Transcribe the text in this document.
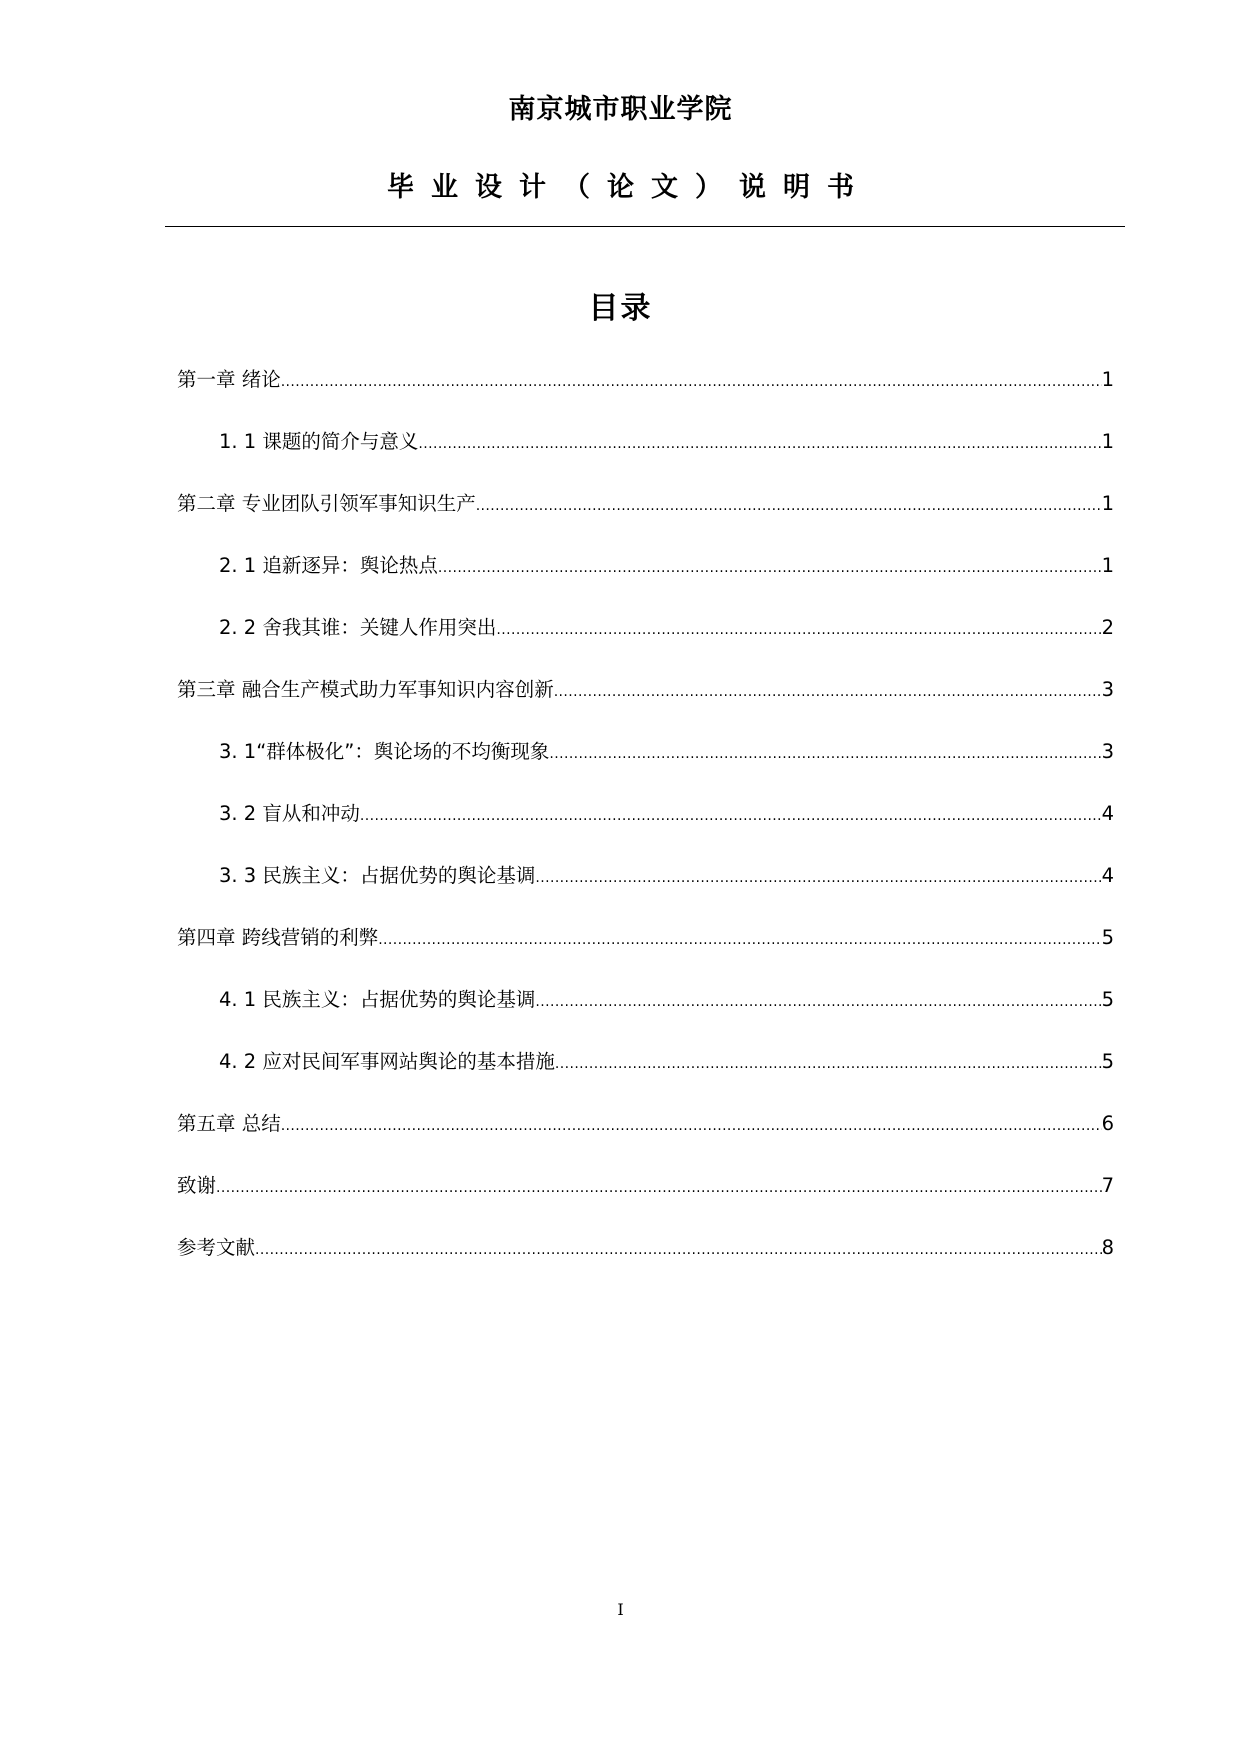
南京城市职业学院
毕业设计（论文）说明书
目录
第一章 绪论 .....	1
1. 1 课题的简介与意义 .....	1
第二章 专业团队引领军事知识生产 .....	1
2. 1 追新逐异：舆论热点 .....	1
2. 2 舍我其谁：关键人作用突出 .....	2
第三章 融合生产模式助力军事知识内容创新 .....	3
3. 1“群体极化”：舆论场的不均衡现象 .....	3
3. 2 盲从和冲动 .....	4
3. 3 民族主义：占据优势的舆论基调 .....	4
第四章 跨线营销的利弊 .....	5
4. 1 民族主义：占据优势的舆论基调 .....	5
4. 2 应对民间军事网站舆论的基本措施 .....	5
第五章 总结 .....	6
致谢 .....	7
参考文献 .....	8
I
